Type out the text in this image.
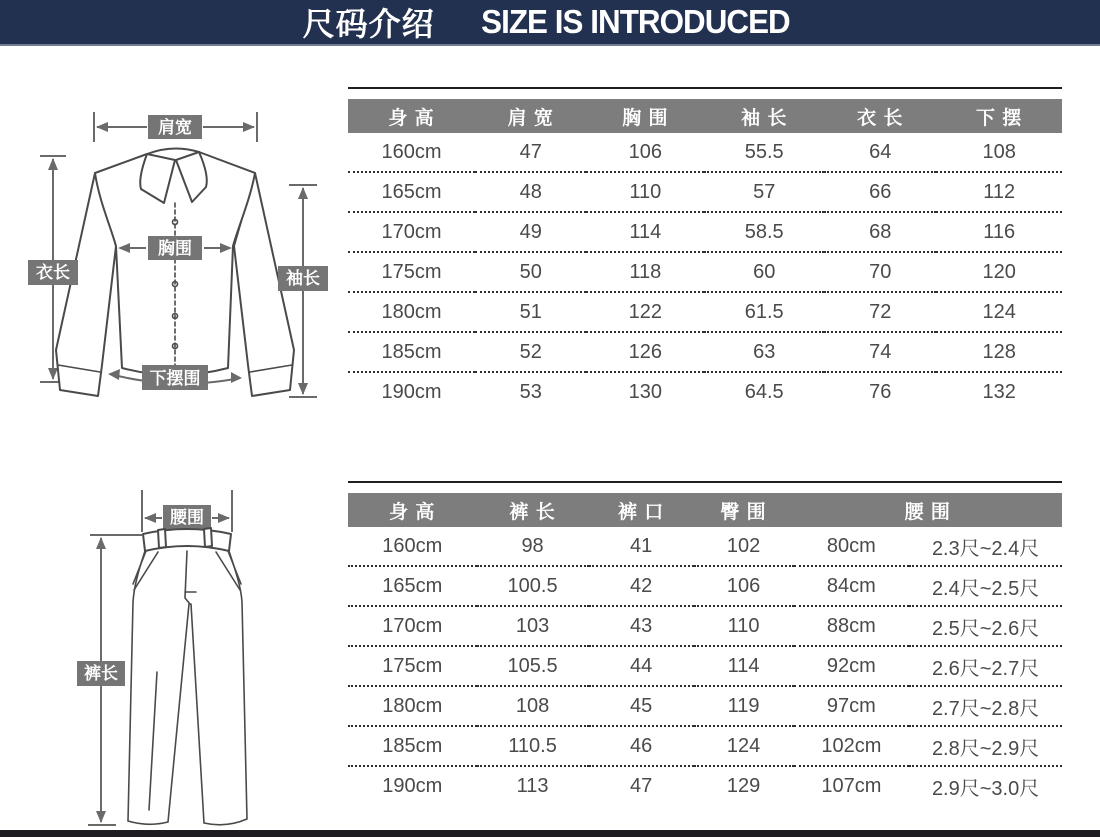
尺码介绍 SIZE IS INTRODUCED
肩宽
胸围
下摆围
衣长	袖长
腰围
裤长
身 高	肩 宽	胸 围	袖 长	衣 长	下 摆
160cm	47	106	55.5	64	108
165cm	48	110	57	66	112
170cm	49	114	58.5	68	116
175cm	50	118	60	70	120
180cm	51	122	61.5	72	124
185cm	52	126	63	74	128
190cm	53	130	64.5	76	132
身 高	裤 长	裤 口	臀 围	腰 围	
160cm	98	41	102	80cm	2.3尺~2.4尺
165cm	100.5	42	106	84cm	2.4尺~2.5尺
170cm	103	43	110	88cm	2.5尺~2.6尺
175cm	105.5	44	114	92cm	2.6尺~2.7尺
180cm	108	45	119	97cm	2.7尺~2.8尺
185cm	110.5	46	124	102cm	2.8尺~2.9尺
190cm	113	47	129	107cm	2.9尺~3.0尺
